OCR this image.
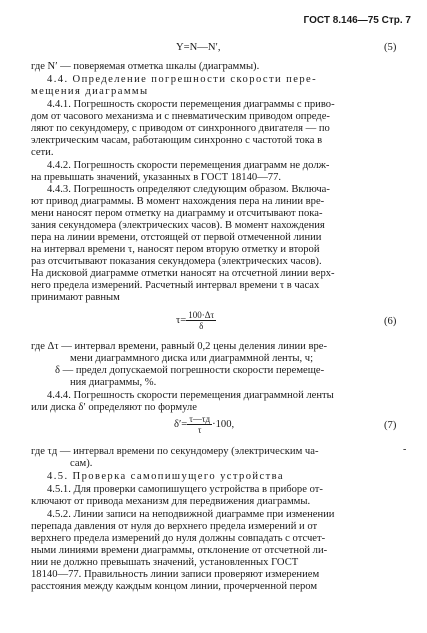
ГОСТ 8.146—75 Стр. 7
Υ=N—N′,	(5)
где N′ — поверяемая отметка шкалы (диаграммы).
4.4. Определение погрешности скорости пере-
мещения диаграммы
4.4.1. Погрешность скорости перемещения диаграммы с приво-
дом от часового механизма и с пневматическим приводом опреде-
ляют по секундомеру, с приводом от синхронного двигателя — по
электрическим часам, работающим синхронно с частотой тока в
сети.
4.4.2. Погрешность скорости перемещения диаграмм не долж-
на превышать значений, указанных в ГОСТ 18140—77.
4.4.3. Погрешность определяют следующим образом. Включа-
ют привод диаграммы. В момент нахождения пера на линии вре-
мени наносят пером отметку на диаграмму и отсчитывают пока-
зания секундомера (электрических часов). В момент нахождения
пера на линии времени, отстоящей от первой отмеченной линии
на интервал времени τ, наносят пером вторую отметку и второй
раз отсчитывают показания секундомера (электрических часов).
На дисковой диаграмме отметки наносят на отсчетной линии верх-
него предела измерений. Расчетный интервал времени τ в часах
принимают равным
$\tau= \frac{100\cdot\Delta\tau}{\delta}$	(6)
где Δτ — интервал времени, равный 0,2 цены деления линии вре-
мени диаграммного диска или диаграммной ленты, ч;
δ — предел допускаемой погрешности скорости перемеще-
ния диаграммы, %.
4.4.4. Погрешность скорости перемещения диаграммной ленты
или диска δ′ определяют по формуле
$\delta'= \frac{\tau—\tau д}{\tau} \cdot 100$,	(7)
где τд — интервал времени по секундомеру (электрическим ча-	-
сам).
4.5. Проверка самопишущего устройства
4.5.1. Для проверки самопишущего устройства в приборе от-
ключают от привода механизм для передвижения диаграммы.
4.5.2. Линии записи на неподвижной диаграмме при изменении
перепада давления от нуля до верхнего предела измерений и от
верхнего предела измерений до нуля должны совпадать с отсчет-
ными линиями времени диаграммы, отклонение от отсчетной ли-
нии не должно превышать значений, установленных ГОСТ
18140—77. Правильность линии записи проверяют измерением
расстояния между каждым концом линии, прочерченной пером
